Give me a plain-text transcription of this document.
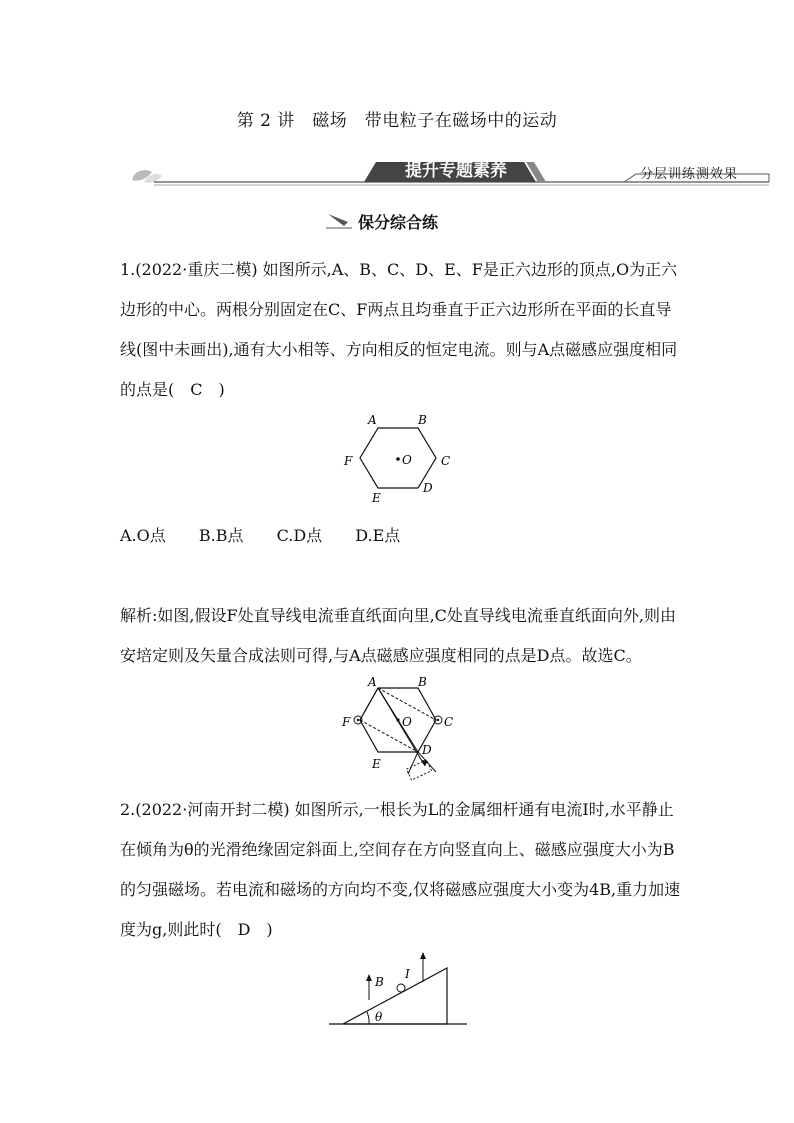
第 2 讲　磁场　带电粒子在磁场中的运动
提升专题素养	分层训练测效果
保分综合练
1.(2022·重庆二模) 如图所示,A、B、C、D、E、F是正六边形的顶点,O为正六边形的中心。两根分别固定在C、F两点且均垂直于正六边形所在平面的长直导线(图中未画出),通有大小相等、方向相反的恒定电流。则与A点磁感应强度相同的点是(　C　)
A	B
C
D
E
F	O
A.O点 B.B点 C.D点 D.E点
解析:如图,假设F处直导线电流垂直纸面向里,C处直导线电流垂直纸面向外,则由安培定则及矢量合成法则可得,与A点磁感应强度相同的点是D点。故选C。
A	B
C
D
E
F	O
2.(2022·河南开封二模) 如图所示,一根长为L的金属细杆通有电流I时,水平静止在倾角为θ的光滑绝缘固定斜面上,空间存在方向竖直向上、磁感应强度大小为B的匀强磁场。若电流和磁场的方向均不变,仅将磁感应强度大小变为4B,重力加速度为g,则此时(　D　)
B
I
θ
